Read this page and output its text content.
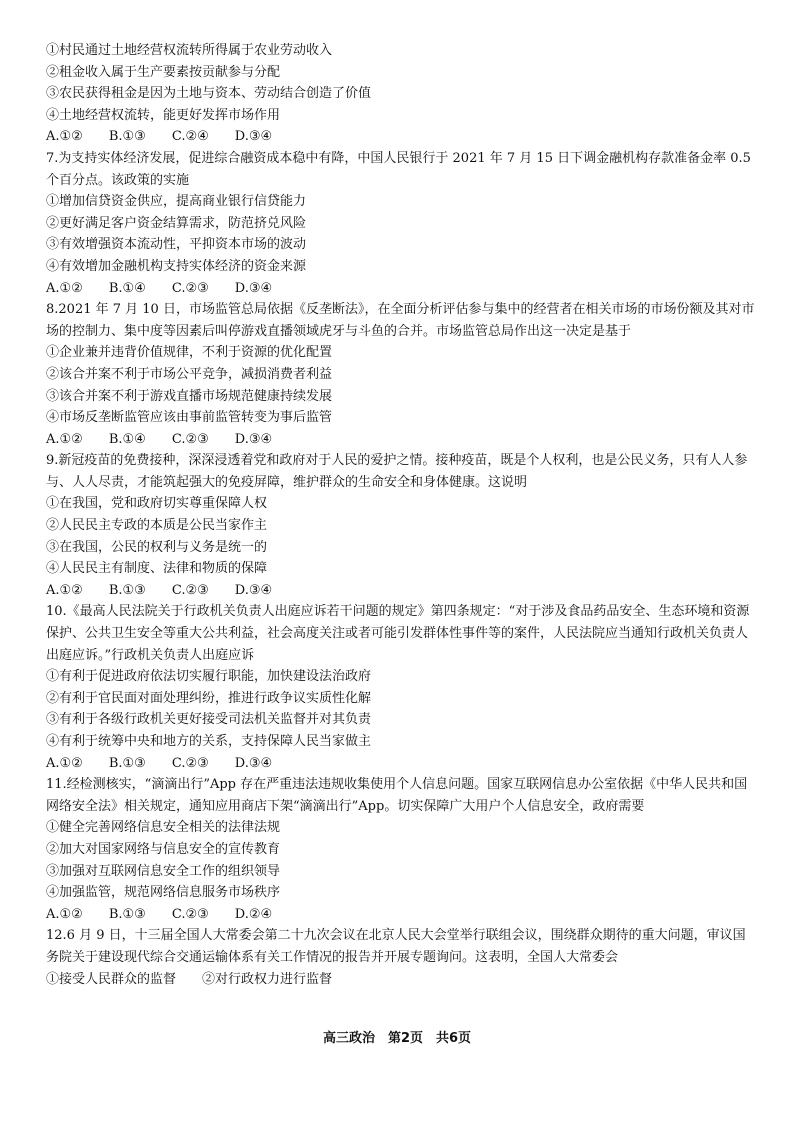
①村民通过土地经营权流转所得属于农业劳动收入
②租金收入属于生产要素按贡献参与分配
③农民获得租金是因为土地与资本、劳动结合创造了价值
④土地经营权流转，能更好发挥市场作用
A.①② B.①③ C.②④ D.③④
7.为支持实体经济发展，促进综合融资成本稳中有降，中国人民银行于 2021 年 7 月 15 日下调金融机构存款准备金率 0.5 个百分点。该政策的实施
①增加信贷资金供应，提高商业银行信贷能力
②更好满足客户资金结算需求，防范挤兑风险
③有效增强资本流动性，平抑资本市场的波动
④有效增加金融机构支持实体经济的资金来源
A.①② B.①④ C.②③ D.③④
8.2021 年 7 月 10 日，市场监管总局依据《反垄断法》，在全面分析评估参与集中的经营者在相关市场的市场份额及其对市场的控制力、集中度等因素后叫停游戏直播领域虎牙与斗鱼的合并。市场监管总局作出这一决定是基于
①企业兼并违背价值规律，不利于资源的优化配置
②该合并案不利于市场公平竞争，减损消费者利益
③该合并案不利于游戏直播市场规范健康持续发展
④市场反垄断监管应该由事前监管转变为事后监管
A.①② B.①④ C.②③ D.③④
9.新冠疫苗的免费接种，深深浸透着党和政府对于人民的爱护之情。接种疫苗，既是个人权利，也是公民义务，只有人人参与、人人尽责，才能筑起强大的免疫屏障，维护群众的生命安全和身体健康。这说明
①在我国，党和政府切实尊重保障人权
②人民民主专政的本质是公民当家作主
③在我国，公民的权利与义务是统一的
④人民民主有制度、法律和物质的保障
A.①② B.①③ C.②③ D.③④
10.《最高人民法院关于行政机关负责人出庭应诉若干问题的规定》第四条规定：“对于涉及食品药品安全、生态环境和资源保护、公共卫生安全等重大公共利益，社会高度关注或者可能引发群体性事件等的案件，人民法院应当通知行政机关负责人出庭应诉。”行政机关负责人出庭应诉
①有利于促进政府依法切实履行职能，加快建设法治政府
②有利于官民面对面处理纠纷，推进行政争议实质性化解
③有利于各级行政机关更好接受司法机关监督并对其负责
④有利于统筹中央和地方的关系，支持保障人民当家做主
A.①② B.①③ C.②③ D.③④
11.经检测核实，“滴滴出行”App 存在严重违法违规收集使用个人信息问题。国家互联网信息办公室依据《中华人民共和国网络安全法》相关规定，通知应用商店下架“滴滴出行”App。切实保障广大用户个人信息安全，政府需要
①健全完善网络信息安全相关的法律法规
②加大对国家网络与信息安全的宣传教育
③加强对互联网信息安全工作的组织领导
④加强监管，规范网络信息服务市场秩序
A.①② B.①③ C.②③ D.②④
12.6 月 9 日，十三届全国人大常委会第二十九次会议在北京人民大会堂举行联组会议，围绕群众期待的重大问题，审议国务院关于建设现代综合交通运输体系有关工作情况的报告并开展专题询问。这表明，全国人大常委会
①接受人民群众的监督　　②对行政权力进行监督
高三政治　第2页　共6页
